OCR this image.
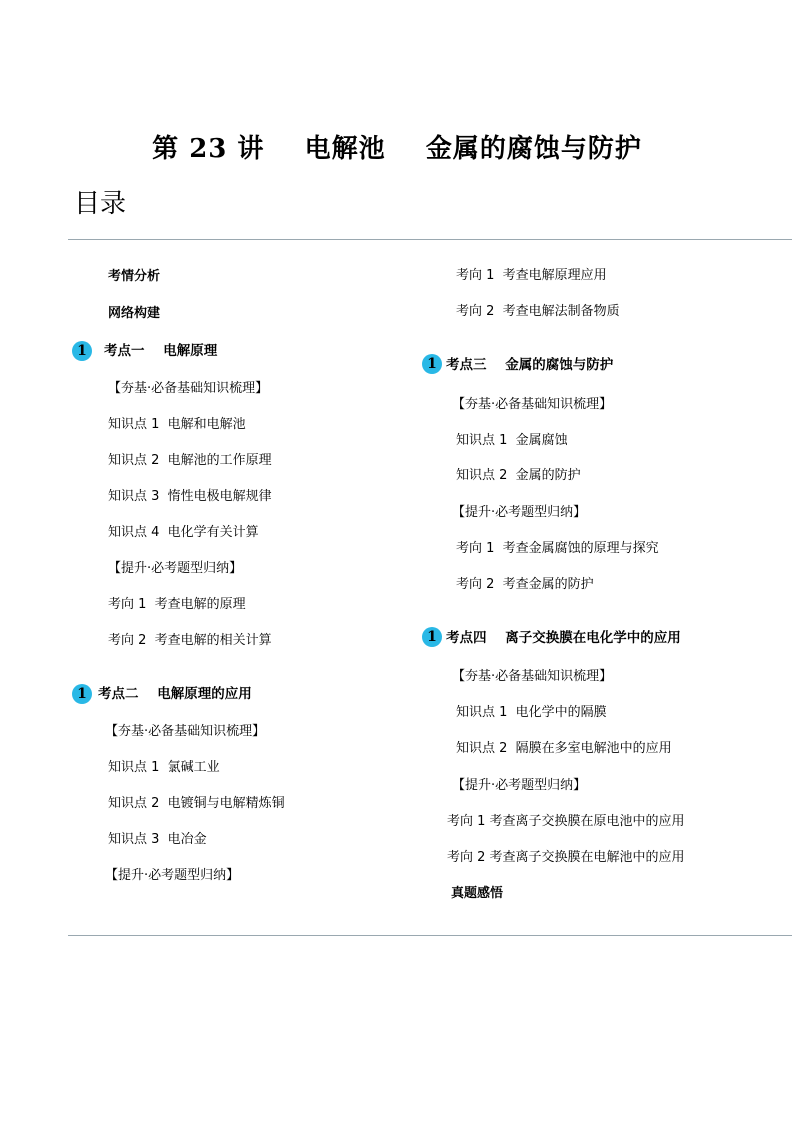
第 23 讲    电解池    金属的腐蚀与防护
目录
考情分析
网络构建
1	考点一    电解原理
【夯基·必备基础知识梳理】
知识点 1  电解和电解池
知识点 2  电解池的工作原理
知识点 3  惰性电极电解规律
知识点 4  电化学有关计算
【提升·必考题型归纳】
考向 1  考查电解的原理
考向 2  考查电解的相关计算
1 考点二    电解原理的应用
【夯基·必备基础知识梳理】
知识点 1  氯碱工业
知识点 2  电镀铜与电解精炼铜
知识点 3  电冶金
【提升·必考题型归纳】
考向 1  考查电解原理应用
考向 2  考查电解法制备物质
1 考点三    金属的腐蚀与防护
【夯基·必备基础知识梳理】
知识点 1  金属腐蚀
知识点 2  金属的防护
【提升·必考题型归纳】
考向 1  考查金属腐蚀的原理与探究
考向 2  考查金属的防护
1 考点四    离子交换膜在电化学中的应用
【夯基·必备基础知识梳理】
知识点 1  电化学中的隔膜
知识点 2  隔膜在多室电解池中的应用
【提升·必考题型归纳】
考向 1 考查离子交换膜在原电池中的应用
考向 2 考查离子交换膜在电解池中的应用
真题感悟
